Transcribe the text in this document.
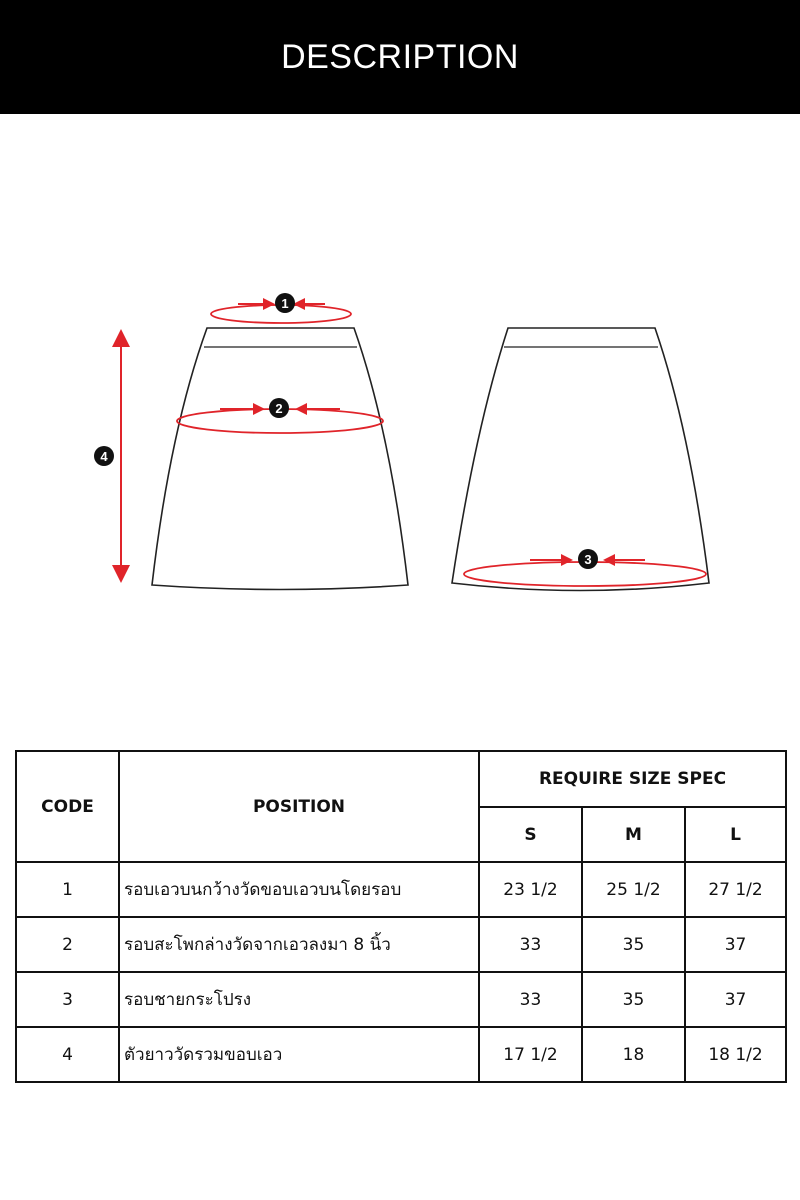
DESCRIPTION
1
2
3
4
CODE	POSITION	REQUIRE SIZE SPEC		
		S	M	L
1	รอบเอวบนกว้างวัดขอบเอวบนโดยรอบ	23 1/2	25 1/2	27 1/2
2	รอบสะโพกล่างวัดจากเอวลงมา 8 นิ้ว	33	35	37
3	รอบชายกระโปรง	33	35	37
4	ตัวยาววัดรวมขอบเอว	17 1/2	18	18 1/2
